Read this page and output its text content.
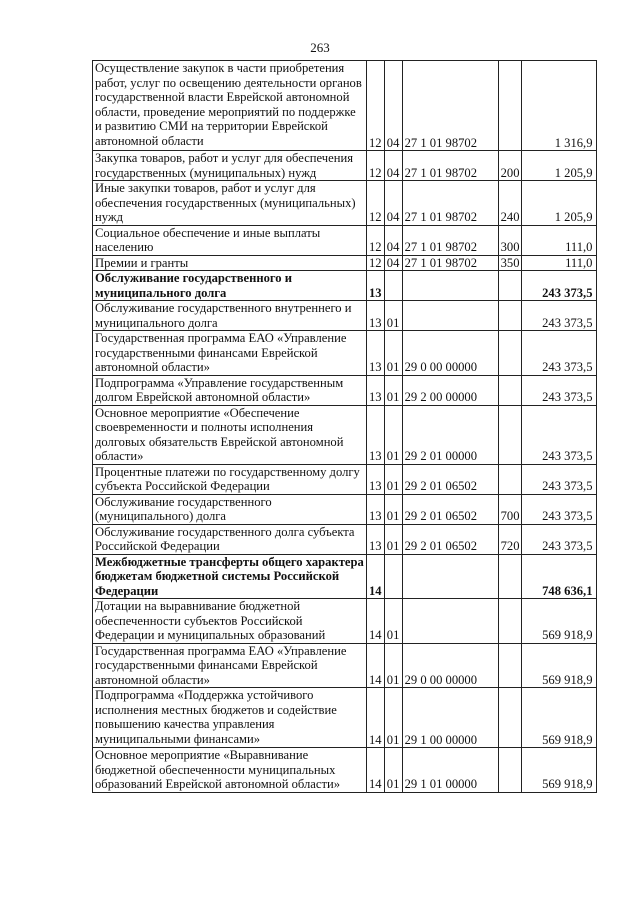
263
Осуществление закупок в части приобретения работ, услуг по освещению деятельности органов государственной власти Еврейской автономной области, проведение мероприятий по поддержке и развитию СМИ на территории Еврейской автономной области	12	04	27 1 01 98702		1 316,9
Закупка товаров, работ и услуг для обеспечения государственных (муниципальных) нужд	12	04	27 1 01 98702	200	1 205,9
Иные закупки товаров, работ и услуг для обеспечения государственных (муниципальных) нужд	12	04	27 1 01 98702	240	1 205,9
Социальное обеспечение и иные выплаты населению	12	04	27 1 01 98702	300	111,0
Премии и гранты	12	04	27 1 01 98702	350	111,0
Обслуживание государственного и муниципального долга	13				243 373,5
Обслуживание государственного внутреннего и муниципального долга	13	01			243 373,5
Государственная программа ЕАО «Управление государственными финансами Еврейской автономной области»	13	01	29 0 00 00000		243 373,5
Подпрограмма «Управление государственным долгом Еврейской автономной области»	13	01	29 2 00 00000		243 373,5
Основное мероприятие «Обеспечение своевременности и полноты исполнения долговых обязательств Еврейской автономной области»	13	01	29 2 01 00000		243 373,5
Процентные платежи по государственному долгу субъекта Российской Федерации	13	01	29 2 01 06502		243 373,5
Обслуживание государственного (муниципального) долга	13	01	29 2 01 06502	700	243 373,5
Обслуживание государственного долга субъекта Российской Федерации	13	01	29 2 01 06502	720	243 373,5
Межбюджетные трансферты общего характера бюджетам бюджетной системы Российской Федерации	14				748 636,1
Дотации на выравнивание бюджетной обеспеченности субъектов Российской Федерации и муниципальных образований	14	01			569 918,9
Государственная программа ЕАО «Управление государственными финансами Еврейской автономной области»	14	01	29 0 00 00000		569 918,9
Подпрограмма «Поддержка устойчивого исполнения местных бюджетов и содействие повышению качества управления муниципальными финансами»	14	01	29 1 00 00000		569 918,9
Основное мероприятие «Выравнивание бюджетной обеспеченности муниципальных образований Еврейской автономной области»	14	01	29 1 01 00000		569 918,9
